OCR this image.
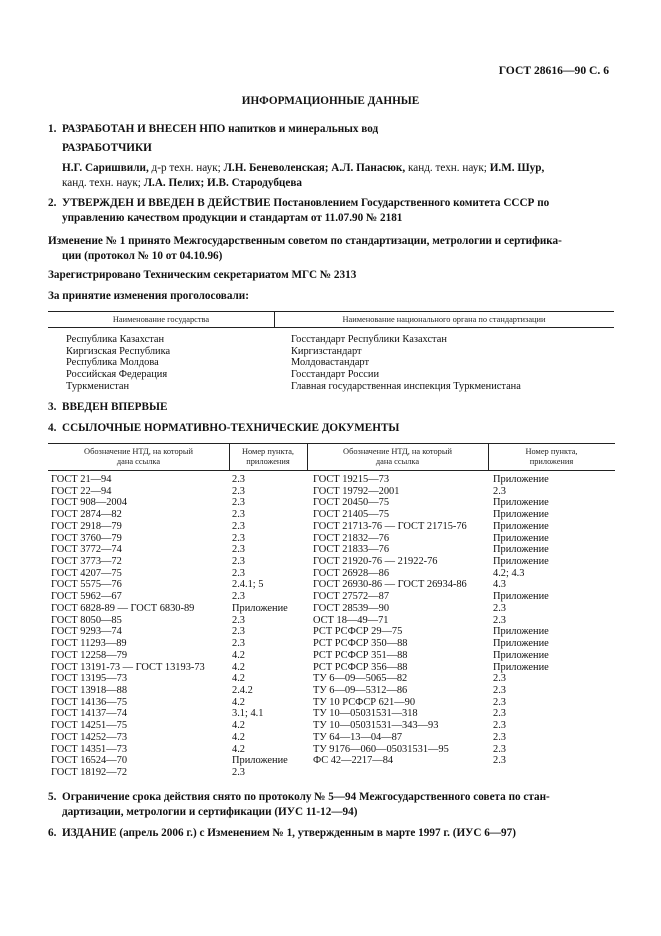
ГОСТ 28616—90 С. 6
ИНФОРМАЦИОННЫЕ ДАННЫЕ
1. РАЗРАБОТАН И ВНЕСЕН НПО напитков и минеральных вод
РАЗРАБОТЧИКИ
Н.Г. Саришвили, д-р техн. наук; Л.Н. Беневоленская; А.Л. Панасюк, канд. техн. наук; И.М. Шур,
канд. техн. наук; Л.А. Пелих; И.В. Стародубцева
2. УТВЕРЖДЕН И ВВЕДЕН В ДЕЙСТВИЕ Постановлением Государственного комитета СССР по
управлению качеством продукции и стандартам от 11.07.90 № 2181
Изменение № 1 принято Межгосударственным советом по стандартизации, метрологии и сертифика-
ции (протокол № 10 от 04.10.96)
Зарегистрировано Техническим секретариатом МГС № 2313
За принятие изменения проголосовали:
Наименование государства	Наименование национального органа по стандартизации
Республика Казахстан
Киргизская Республика
Республика Молдова
Российская Федерация
Туркменистан
Госстандарт Республики Казахстан
Киргизстандарт
Молдовастандарт
Госстандарт России
Главная государственная инспекция Туркменистана
3. ВВЕДЕН ВПЕРВЫЕ
4. ССЫЛОЧНЫЕ НОРМАТИВНО-ТЕХНИЧЕСКИЕ ДОКУМЕНТЫ
Обозначение НТД, на который
дана ссылка
Номер пункта,
приложения
Обозначение НТД, на который
дана ссылка
Номер пункта,
приложения
ГОСТ 21—94
ГОСТ 22—94
ГОСТ 908—2004
ГОСТ 2874—82
ГОСТ 2918—79
ГОСТ 3760—79
ГОСТ 3772—74
ГОСТ 3773—72
ГОСТ 4207—75
ГОСТ 5575—76
ГОСТ 5962—67
ГОСТ 6828-89 — ГОСТ 6830-89
ГОСТ 8050—85
ГОСТ 9293—74
ГОСТ 11293—89
ГОСТ 12258—79
ГОСТ 13191-73 — ГОСТ 13193-73
ГОСТ 13195—73
ГОСТ 13918—88
ГОСТ 14136—75
ГОСТ 14137—74
ГОСТ 14251—75
ГОСТ 14252—73
ГОСТ 14351—73
ГОСТ 16524—70
ГОСТ 18192—72
2.3
2.3
2.3
2.3
2.3
2.3
2.3
2.3
2.3
2.4.1; 5
2.3
Приложение
2.3
2.3
2.3
4.2
4.2
4.2
2.4.2
4.2
3.1; 4.1
4.2
4.2
4.2
Приложение
2.3
ГОСТ 19215—73
ГОСТ 19792—2001
ГОСТ 20450—75
ГОСТ 21405—75
ГОСТ 21713-76 — ГОСТ 21715-76
ГОСТ 21832—76
ГОСТ 21833—76
ГОСТ 21920-76 — 21922-76
ГОСТ 26928—86
ГОСТ 26930-86 — ГОСТ 26934-86
ГОСТ 27572—87
ГОСТ 28539—90
ОСТ 18—49—71
РСТ РСФСР 29—75
РСТ РСФСР 350—88
РСТ РСФСР 351—88
РСТ РСФСР 356—88
ТУ 6—09—5065—82
ТУ 6—09—5312—86
ТУ 10 РСФСР 621—90
ТУ 10—05031531—318
ТУ 10—05031531—343—93
ТУ 64—13—04—87
ТУ 9176—060—05031531—95
ФС 42—2217—84
Приложение
2.3
Приложение
Приложение
Приложение
Приложение
Приложение
Приложение
4.2; 4.3
4.3
Приложение
2.3
2.3
Приложение
Приложение
Приложение
Приложение
2.3
2.3
2.3
2.3
2.3
2.3
2.3
2.3
5. Ограничение срока действия снято по протоколу № 5—94 Межгосударственного совета по стан-
дартизации, метрологии и сертификации (ИУС 11-12—94)
6. ИЗДАНИЕ (апрель 2006 г.) с Изменением № 1, утвержденным в марте 1997 г. (ИУС 6—97)
